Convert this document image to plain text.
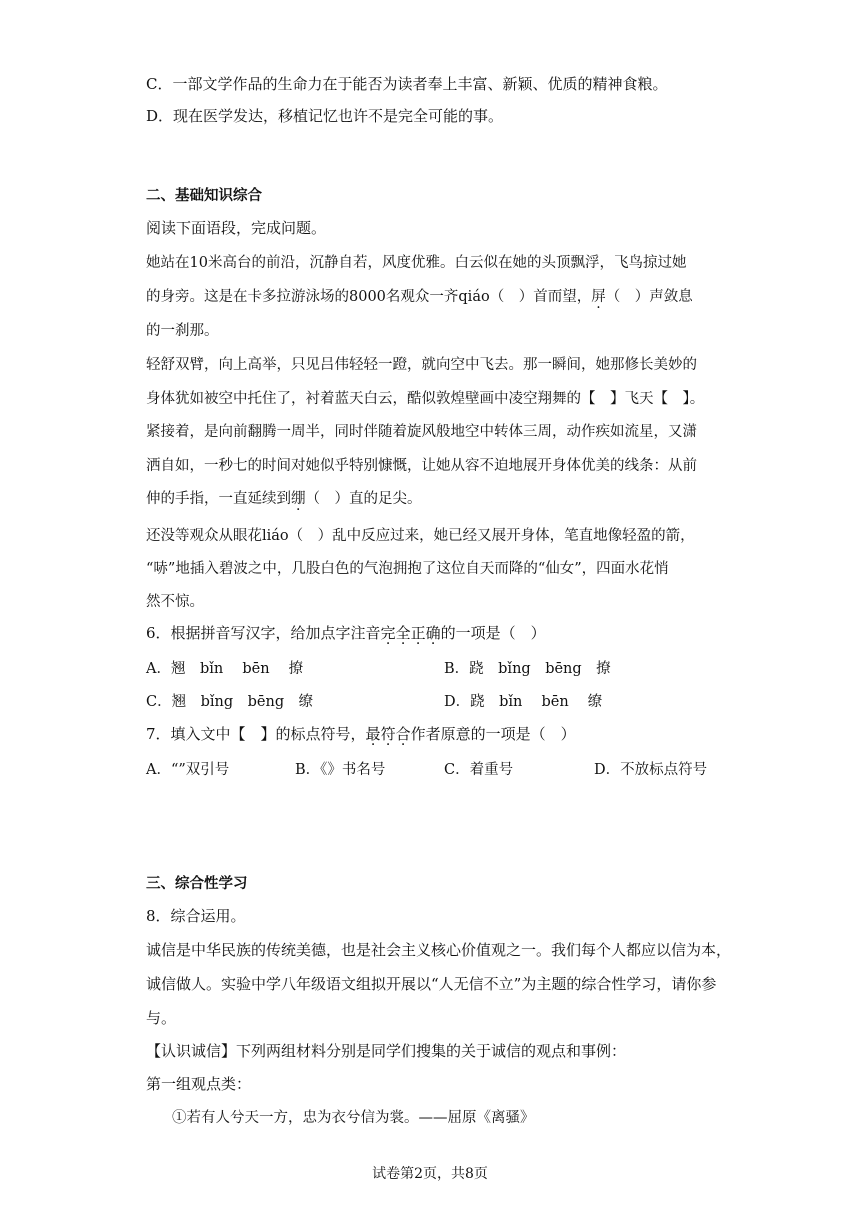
C．一部文学作品的生命力在于能否为读者奉上丰富、新颖、优质的精神食粮。
D．现在医学发达，移植记忆也许不是完全可能的事。
二、基础知识综合
阅读下面语段，完成问题。
她站在10米高台的前沿，沉静自若，风度优雅。白云似在她的头顶飘浮，飞鸟掠过她
的身旁。这是在卡多拉游泳场的8000名观众一齐qiáo（　）首而望，屏（　）声敛息
的一刹那。
轻舒双臂，向上高举，只见吕伟轻轻一蹬，就向空中飞去。那一瞬间，她那修长美妙的
身体犹如被空中托住了，衬着蓝天白云，酷似敦煌壁画中凌空翔舞的【　】飞天【　】。
紧接着，是向前翻腾一周半，同时伴随着旋风般地空中转体三周，动作疾如流星，又潇
洒自如，一秒七的时间对她似乎特别慷慨，让她从容不迫地展开身体优美的线条：从前
伸的手指，一直延续到绷（　）直的足尖。
还没等观众从眼花liáo（　）乱中反应过来，她已经又展开身体，笔直地像轻盈的箭，
“哧”地插入碧波之中，几股白色的气泡拥抱了这位自天而降的“仙女”，四面水花悄
然不惊。
6．根据拼音写汉字，给加点字注音完全正确的一项是（　）
A．翘　bǐn　 bēn　 撩	B．跷　bǐng　bēng　撩
C．翘　bǐng　bēng　缭	D．跷　bǐn　 bēn　 缭
7．填入文中【　】的标点符号，最符合作者原意的一项是（　）
A．“”双引号	B．《》书名号	C．着重号	D．不放标点符号
三、综合性学习
8．综合运用。
诚信是中华民族的传统美德，也是社会主义核心价值观之一。我们每个人都应以信为本，
诚信做人。实验中学八年级语文组拟开展以“人无信不立”为主题的综合性学习，请你参
与。
【认识诚信】下列两组材料分别是同学们搜集的关于诚信的观点和事例：
第一组观点类：
①若有人兮天一方，忠为衣兮信为裳。——屈原《离骚》
试卷第2页，共8页
